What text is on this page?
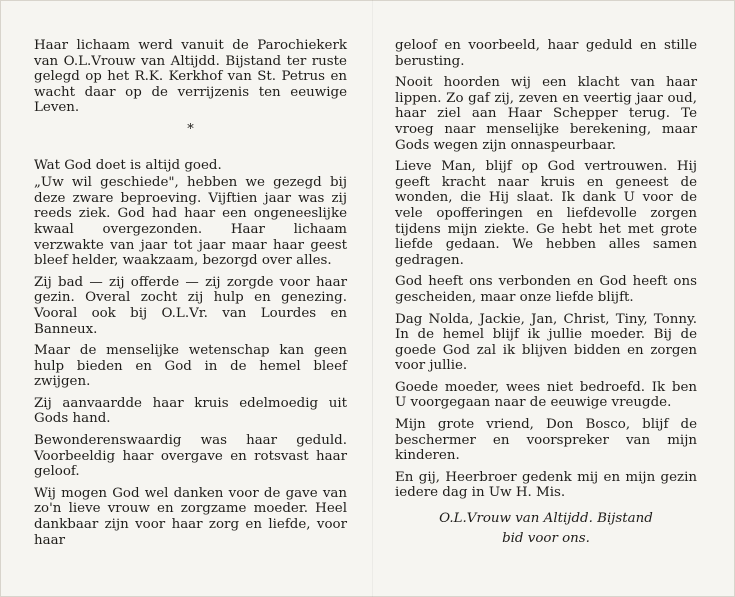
Haar lichaam werd vanuit de Parochiekerk van O.L.Vrouw van Altijdd. Bijstand ter ruste gelegd op het R.K. Kerkhof van St. Petrus en wacht daar op de verrijzenis ten eeuwige Leven.

*

Wat God doet is altijd goed.

„Uw wil geschiede", hebben we gezegd bij deze zware beproeving. Vijftien jaar was zij reeds ziek. God had haar een ongeneeslijke kwaal overgezonden. Haar lichaam verzwakte van jaar tot jaar maar haar geest bleef helder, waakzaam, bezorgd over alles.

Zij bad — zij offerde — zij zorgde voor haar gezin. Overal zocht zij hulp en genezing. Vooral ook bij O.L.Vr. van Lourdes en Banneux.

Maar de menselijke wetenschap kan geen hulp bieden en God in de hemel bleef zwijgen.

Zij aanvaardde haar kruis edelmoedig uit Gods hand.

Bewonderenswaardig was haar geduld. Voorbeeldig haar overgave en rotsvast haar geloof.

Wij mogen God wel danken voor de gave van zo'n lieve vrouw en zorgzame moeder. Heel dankbaar zijn voor haar zorg en liefde, voor haar

geloof en voorbeeld, haar geduld en stille berusting.

Nooit hoorden wij een klacht van haar lippen. Zo gaf zij, zeven en veertig jaar oud, haar ziel aan Haar Schepper terug. Te vroeg naar menselijke berekening, maar Gods wegen zijn onnaspeurbaar.

Lieve Man, blijf op God vertrouwen. Hij geeft kracht naar kruis en geneest de wonden, die Hij slaat. Ik dank U voor de vele opofferingen en liefdevolle zorgen tijdens mijn ziekte. Ge hebt het met grote liefde gedaan. We hebben alles samen gedragen.

God heeft ons verbonden en God heeft ons gescheiden, maar onze liefde blijft.

Dag Nolda, Jackie, Jan, Christ, Tiny, Tonny. In de hemel blijf ik jullie moeder. Bij de goede God zal ik blijven bidden en zorgen voor jullie.

Goede moeder, wees niet bedroefd. Ik ben U voorgegaan naar de eeuwige vreugde.

Mijn grote vriend, Don Bosco, blijf de beschermer en voorspreker van mijn kinderen.

En gij, Heerbroer gedenk mij en mijn gezin iedere dag in Uw H. Mis.

O.L.Vrouw van Altijdd. Bijstand
bid voor ons.
